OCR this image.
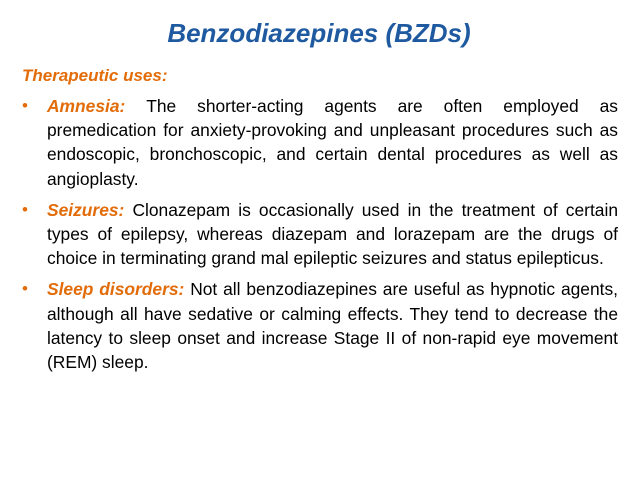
Benzodiazepines (BZDs)
Therapeutic uses:
• Amnesia: The shorter-acting agents are often employed as premedication for anxiety-provoking and unpleasant procedures such as endoscopic, bronchoscopic, and certain dental procedures as well as angioplasty.
• Seizures: Clonazepam is occasionally used in the treatment of certain types of epilepsy, whereas diazepam and lorazepam are the drugs of choice in terminating grand mal epileptic seizures and status epilepticus.
• Sleep disorders: Not all benzodiazepines are useful as hypnotic agents, although all have sedative or calming effects. They tend to decrease the latency to sleep onset and increase Stage II of non-rapid eye movement (REM) sleep.
